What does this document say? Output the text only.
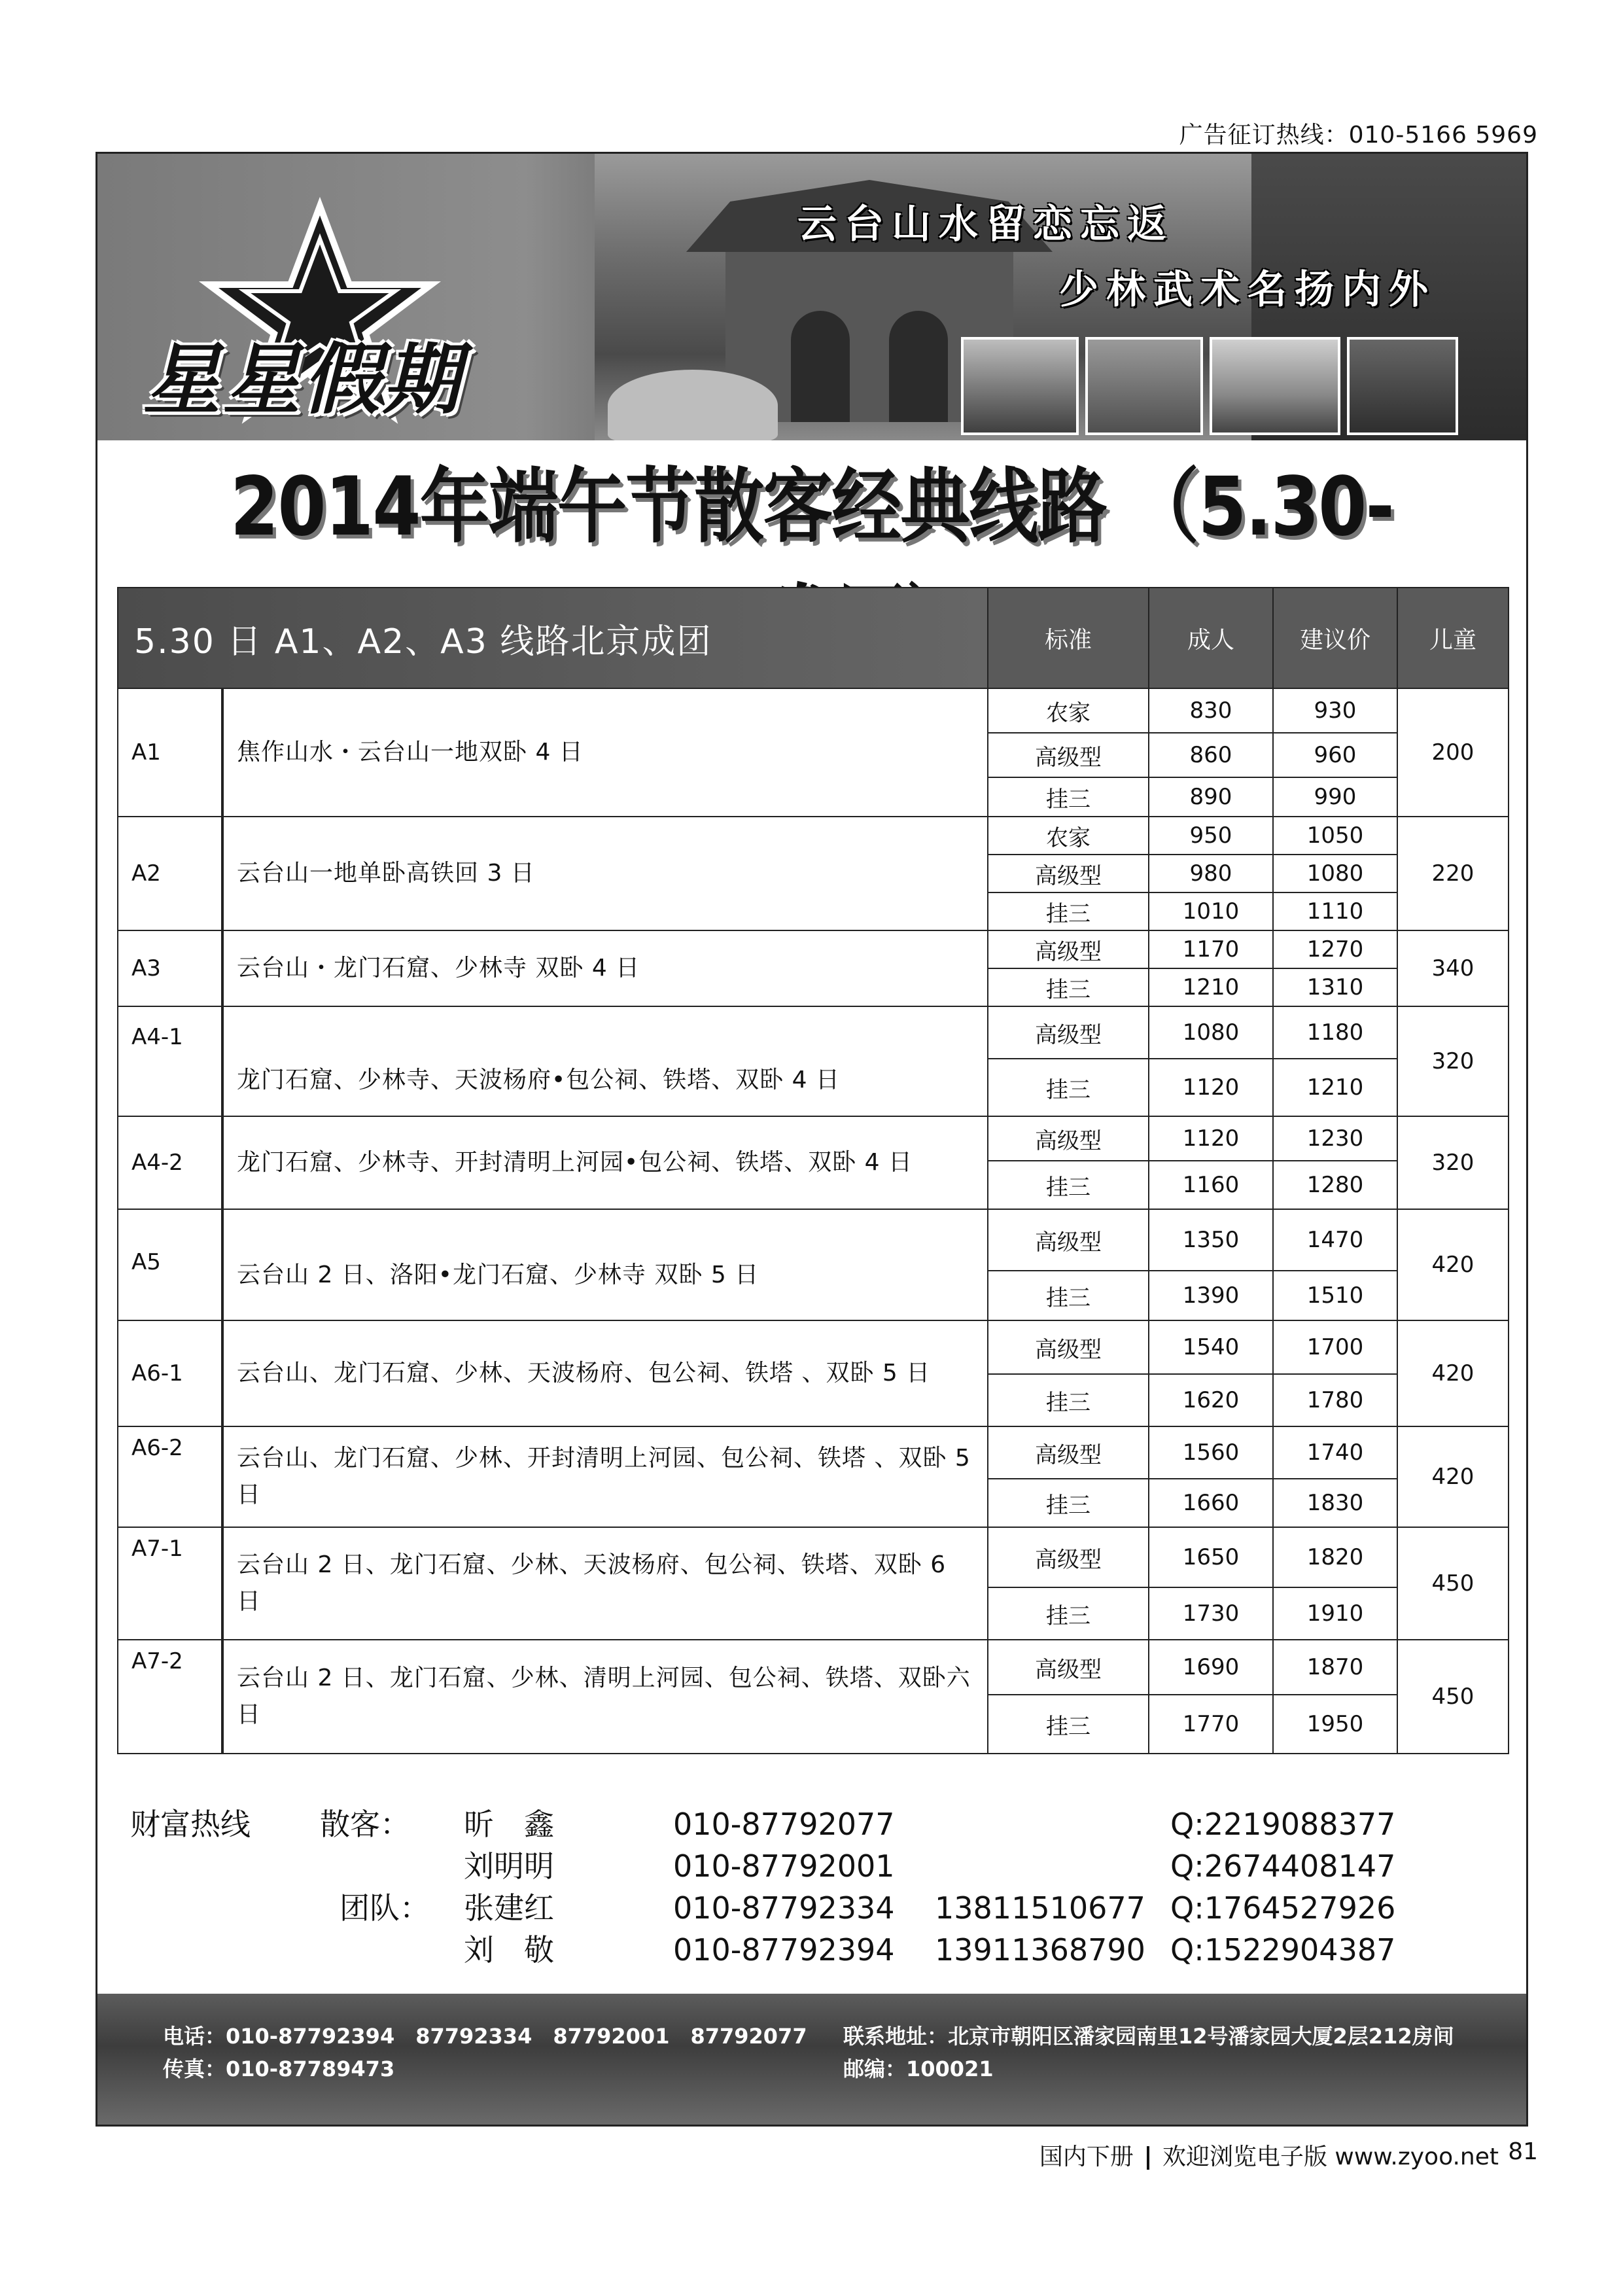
广告征订热线：010-5166 5969
云台山水留恋忘返
少林武术名扬内外
星星假期
2014年端午节散客经典线路 （5.30-
5.30 日 A1、A2、A3 线路北京成团		标准	成人	建议价	儿童
A1	焦作山水・云台山一地双卧 4 日	农家	830	930	200
		高级型	860	960	
		挂三	890	990	
A2	云台山一地单卧高铁回 3 日	农家	950	1050	220
		高级型	980	1080	
		挂三	1010	1110	
A3	云台山・龙门石窟、少林寺 双卧 4 日	高级型	1170	1270	340
		挂三	1210	1310	
A4-1	龙门石窟、少林寺、天波杨府•包公祠、铁塔、双卧 4 日	高级型	1080	1180	320
		挂三	1120	1210	
A4-2	龙门石窟、少林寺、开封清明上河园•包公祠、铁塔、双卧 4 日	高级型	1120	1230	320
		挂三	1160	1280	
A5	云台山 2 日、洛阳•龙门石窟、少林寺 双卧 5 日	高级型	1350	1470	420
		挂三	1390	1510	
A6-1	云台山、龙门石窟、少林、天波杨府、包公祠、铁塔 、双卧 5 日	高级型	1540	1700	420
		挂三	1620	1780	
A6-2	云台山、龙门石窟、少林、开封清明上河园、包公祠、铁塔 、双卧 5 日	高级型	1560	1740	420
		挂三	1660	1830	
A7-1	云台山 2 日、龙门石窟、少林、天波杨府、包公祠、铁塔、双卧 6 日	高级型	1650	1820	450
		挂三	1730	1910	
A7-2	云台山 2 日、龙门石窟、少林、清明上河园、包公祠、铁塔、双卧六日	高级型	1690	1870	450
		挂三	1770	1950	
财富热线 散客： 昕　鑫	010-87792077	Q:2219088377
刘明明	010-87792001	Q:2674408147
团队： 张建红	010-87792334 13811510677 Q:1764527926
刘　敬	010-87792394 13911368790 Q:1522904387
电话：010-87792394　87792334　87792001　87792077
传真：010-87789473
联系地址：北京市朝阳区潘家园南里12号潘家园大厦2层212房间
邮编：100021
国内下册 欢迎浏览电子版 www.zyoo.net 81
